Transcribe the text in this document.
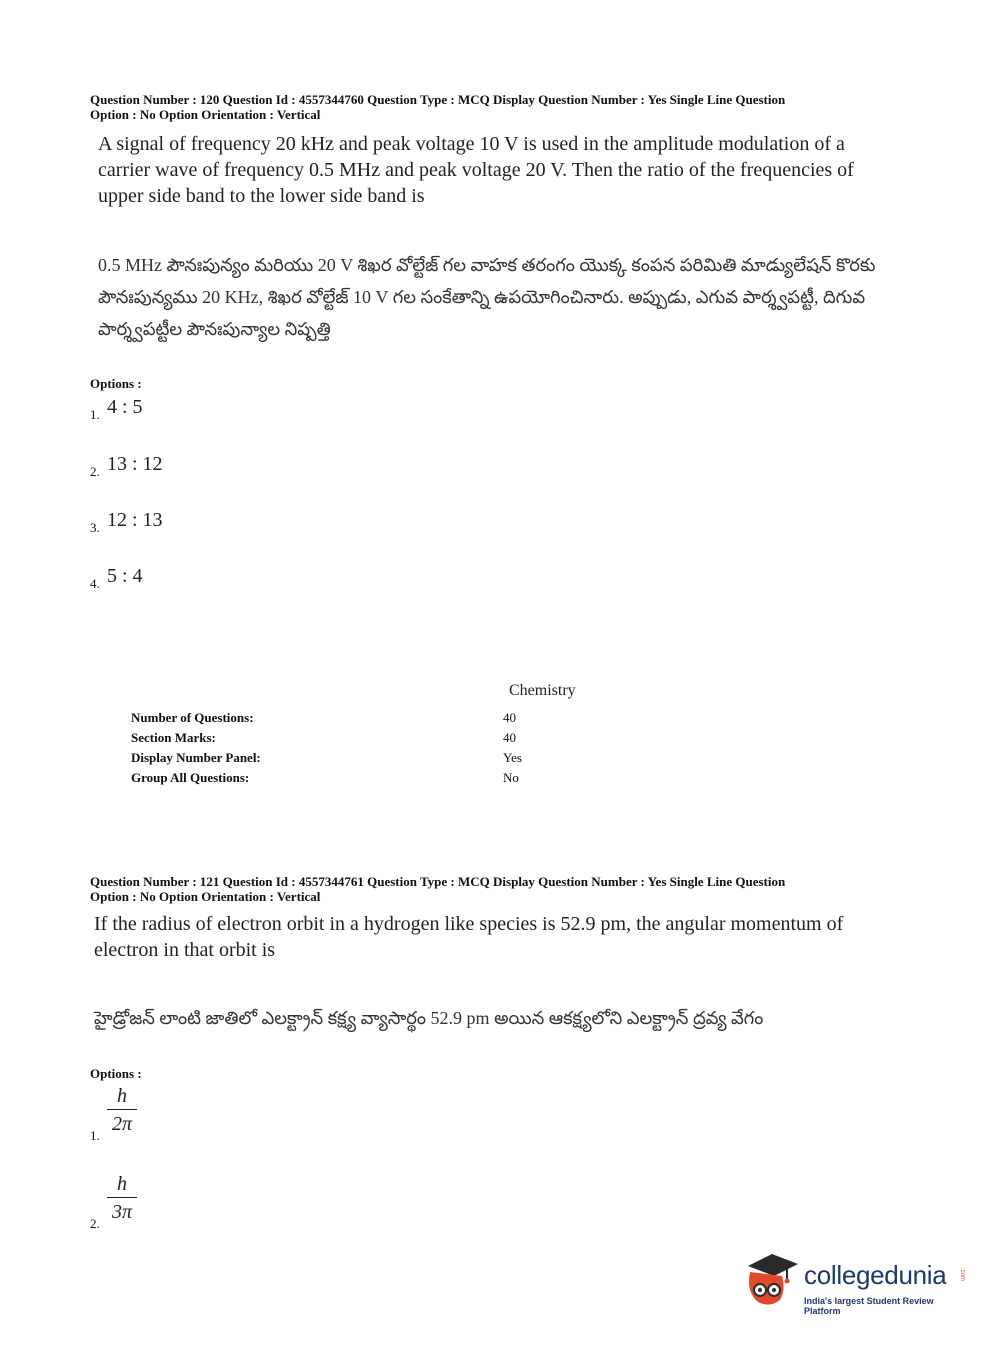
Question Number : 120 Question Id : 4557344760 Question Type : MCQ Display Question Number : Yes Single Line Question
Option : No Option Orientation : Vertical
A signal of frequency 20 kHz and peak voltage 10 V is used in the amplitude modulation of a carrier wave of frequency 0.5 MHz and peak voltage 20 V. Then the ratio of the frequencies of upper side band to the lower side band is
0.5 MHz పౌనఃపున్యం మరియు 20 V శిఖర వోల్టేజ్ గల వాహక తరంగం యొక్క కంపన పరిమితి మాడ్యులేషన్ కొరకు పౌనఃపున్యము 20 KHz, శిఖర వోల్టేజ్ 10 V గల సంకేతాన్ని ఉపయోగించినారు. అప్పుడు, ఎగువ పార్శ్వపట్టీ, దిగువ పార్శ్వపట్టీల పౌనఃపున్యాల నిష్పత్తి
Options :
1. 4 : 5
2. 13 : 12
3. 12 : 13
4. 5 : 4
Chemistry
Number of Questions:	40
Section Marks:	40
Display Number Panel:	Yes
Group All Questions:	No
Question Number : 121 Question Id : 4557344761 Question Type : MCQ Display Question Number : Yes Single Line Question
Option : No Option Orientation : Vertical
If the radius of electron orbit in a hydrogen like species is 52.9 pm, the angular momentum of electron in that orbit is
హైడ్రోజన్ లాంటి జాతిలో ఎలక్ట్రాన్ కక్ష్య వ్యాసార్థం 52.9 pm అయిన ఆకక్ష్యలోని ఎలక్ట్రాన్ ద్రవ్య వేగం
Options :
1.
h
2π
2.
h
3π
collegedunia .com
India's largest Student Review Platform
